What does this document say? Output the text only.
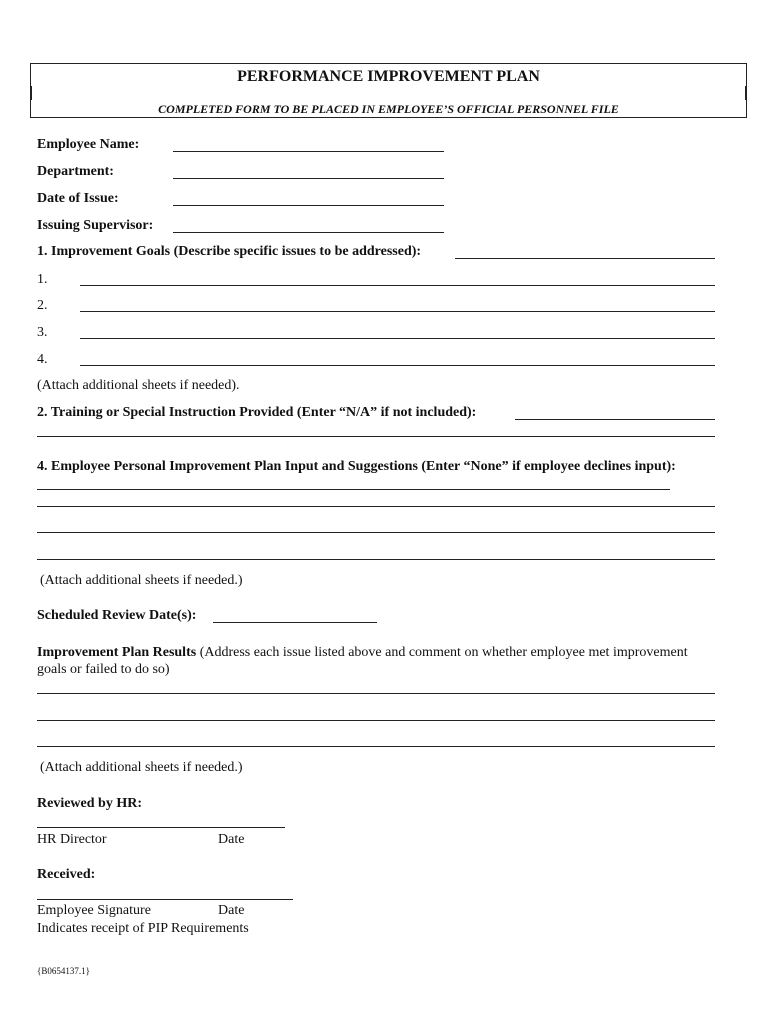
PERFORMANCE IMPROVEMENT PLAN
COMPLETED FORM TO BE PLACED IN EMPLOYEE’S OFFICIAL PERSONNEL FILE
Employee Name:
Department:
Date of Issue:
Issuing Supervisor:
1. Improvement Goals (Describe specific issues to be addressed):
1.
2.
3.
4.
(Attach additional sheets if needed).
2. Training or Special Instruction Provided (Enter “N/A” if not included):
4. Employee Personal Improvement Plan Input and Suggestions (Enter “None” if employee declines input):
(Attach additional sheets if needed.)
Scheduled Review Date(s):
Improvement Plan Results (Address each issue listed above and comment on whether employee met improvement
goals or failed to do so)
(Attach additional sheets if needed.)
Reviewed by HR:
HR Director	Date
Received:
Employee Signature	Date
Indicates receipt of PIP Requirements
{B0654137.1}
